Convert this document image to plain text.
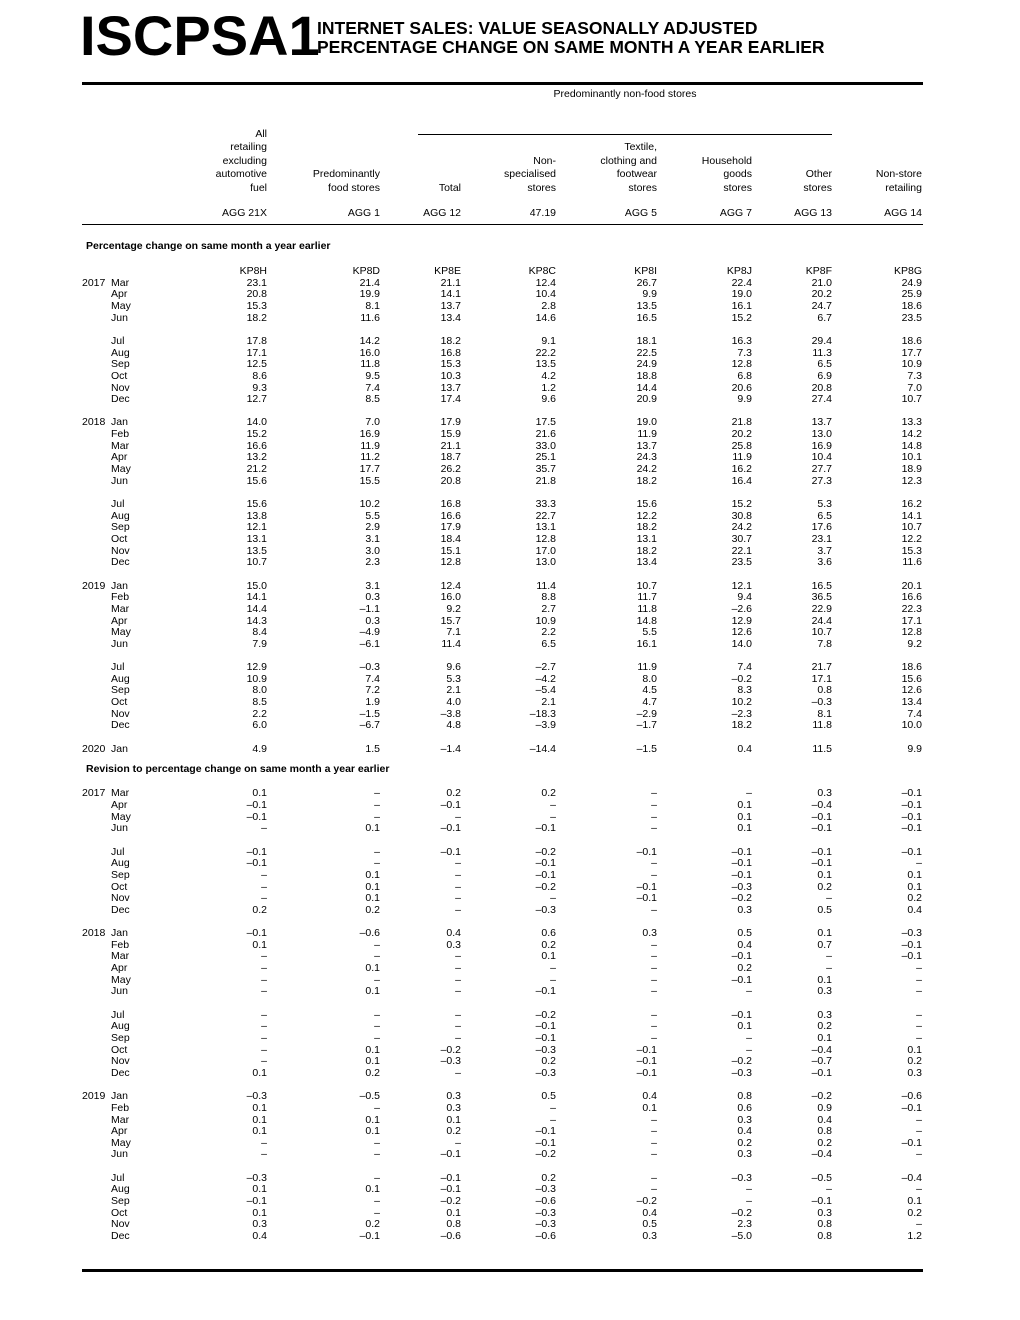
ISCPSA1
INTERNET SALES: VALUE SEASONALLY ADJUSTED
PERCENTAGE CHANGE ON SAME MONTH A YEAR EARLIER
Predominantly non-food stores
All
retailing
excluding
automotive
fuel
AGG 21X
Predominantly
food stores
AGG 1
Total
AGG 12
Non-
specialised
stores
47.19
Textile,
clothing and
footwear
stores
AGG 5
Household
goods
stores
AGG 7
Other
stores
AGG 13
Non-store
retailing
AGG 14
Percentage change on same month a year earlier
KP8H	KP8D	KP8E	KP8C	KP8I	KP8J	KP8F	KP8G
2017 Mar	23.1	21.4	21.1	12.4	26.7	22.4	21.0	24.9
Apr	20.8	19.9	14.1	10.4	9.9	19.0	20.2	25.9
May	15.3	8.1	13.7	2.8	13.5	16.1	24.7	18.6
Jun	18.2	11.6	13.4	14.6	16.5	15.2	6.7	23.5
Jul	17.8	14.2	18.2	9.1	18.1	16.3	29.4	18.6
Aug	17.1	16.0	16.8	22.2	22.5	7.3	11.3	17.7
Sep	12.5	11.8	15.3	13.5	24.9	12.8	6.5	10.9
Oct	8.6	9.5	10.3	4.2	18.8	6.8	6.9	7.3
Nov	9.3	7.4	13.7	1.2	14.4	20.6	20.8	7.0
Dec	12.7	8.5	17.4	9.6	20.9	9.9	27.4	10.7
2018 Jan	14.0	7.0	17.9	17.5	19.0	21.8	13.7	13.3
Feb	15.2	16.9	15.9	21.6	11.9	20.2	13.0	14.2
Mar	16.6	11.9	21.1	33.0	13.7	25.8	16.9	14.8
Apr	13.2	11.2	18.7	25.1	24.3	11.9	10.4	10.1
May	21.2	17.7	26.2	35.7	24.2	16.2	27.7	18.9
Jun	15.6	15.5	20.8	21.8	18.2	16.4	27.3	12.3
Jul	15.6	10.2	16.8	33.3	15.6	15.2	5.3	16.2
Aug	13.8	5.5	16.6	22.7	12.2	30.8	6.5	14.1
Sep	12.1	2.9	17.9	13.1	18.2	24.2	17.6	10.7
Oct	13.1	3.1	18.4	12.8	13.1	30.7	23.1	12.2
Nov	13.5	3.0	15.1	17.0	18.2	22.1	3.7	15.3
Dec	10.7	2.3	12.8	13.0	13.4	23.5	3.6	11.6
2019 Jan	15.0	3.1	12.4	11.4	10.7	12.1	16.5	20.1
Feb	14.1	0.3	16.0	8.8	11.7	9.4	36.5	16.6
Mar	14.4	–1.1	9.2	2.7	11.8	–2.6	22.9	22.3
Apr	14.3	0.3	15.7	10.9	14.8	12.9	24.4	17.1
May	8.4	–4.9	7.1	2.2	5.5	12.6	10.7	12.8
Jun	7.9	–6.1	11.4	6.5	16.1	14.0	7.8	9.2
Jul	12.9	–0.3	9.6	–2.7	11.9	7.4	21.7	18.6
Aug	10.9	7.4	5.3	–4.2	8.0	–0.2	17.1	15.6
Sep	8.0	7.2	2.1	–5.4	4.5	8.3	0.8	12.6
Oct	8.5	1.9	4.0	2.1	4.7	10.2	–0.3	13.4
Nov	2.2	–1.5	–3.8	–18.3	–2.9	–2.3	8.1	7.4
Dec	6.0	–6.7	4.8	–3.9	–1.7	18.2	11.8	10.0
2020 Jan	4.9	1.5	–1.4	–14.4	–1.5	0.4	11.5	9.9
Revision to percentage change on same month a year earlier
2017 Mar	0.1	–	0.2	0.2	–	–	0.3	–0.1
Apr	–0.1	–	–0.1	–	–	0.1	–0.4	–0.1
May	–0.1	–	–	–	–	0.1	–0.1	–0.1
Jun	–	0.1	–0.1	–0.1	–	0.1	–0.1	–0.1
Jul	–0.1	–	–0.1	–0.2	–0.1	–0.1	–0.1	–0.1
Aug	–0.1	–	–	–0.1	–	–0.1	–0.1	–
Sep	–	0.1	–	–0.1	–	–0.1	0.1	0.1
Oct	–	0.1	–	–0.2	–0.1	–0.3	0.2	0.1
Nov	–	0.1	–	–	–0.1	–0.2	–	0.2
Dec	0.2	0.2	–	–0.3	–	0.3	0.5	0.4
2018 Jan	–0.1	–0.6	0.4	0.6	0.3	0.5	0.1	–0.3
Feb	0.1	–	0.3	0.2	–	0.4	0.7	–0.1
Mar	–	–	–	0.1	–	–0.1	–	–0.1
Apr	–	0.1	–	–	–	0.2	–	–
May	–	–	–	–	–	–0.1	0.1	–
Jun	–	0.1	–	–0.1	–	–	0.3	–
Jul	–	–	–	–0.2	–	–0.1	0.3	–
Aug	–	–	–	–0.1	–	0.1	0.2	–
Sep	–	–	–	–0.1	–	–	0.1	–
Oct	–	0.1	–0.2	–0.3	–0.1	–	–0.4	0.1
Nov	–	0.1	–0.3	0.2	–0.1	–0.2	–0.7	0.2
Dec	0.1	0.2	–	–0.3	–0.1	–0.3	–0.1	0.3
2019 Jan	–0.3	–0.5	0.3	0.5	0.4	0.8	–0.2	–0.6
Feb	0.1	–	0.3	–	0.1	0.6	0.9	–0.1
Mar	0.1	0.1	0.1	–	–	0.3	0.4	–
Apr	0.1	0.1	0.2	–0.1	–	0.4	0.8	–
May	–	–	–	–0.1	–	0.2	0.2	–0.1
Jun	–	–	–0.1	–0.2	–	0.3	–0.4	–
Jul	–0.3	–	–0.1	0.2	–	–0.3	–0.5	–0.4
Aug	0.1	0.1	–0.1	–0.3	–	–	–	–
Sep	–0.1	–	–0.2	–0.6	–0.2	–	–0.1	0.1
Oct	0.1	–	0.1	–0.3	0.4	–0.2	0.3	0.2
Nov	0.3	0.2	0.8	–0.3	0.5	2.3	0.8	–
Dec	0.4	–0.1	–0.6	–0.6	0.3	–5.0	0.8	1.2
